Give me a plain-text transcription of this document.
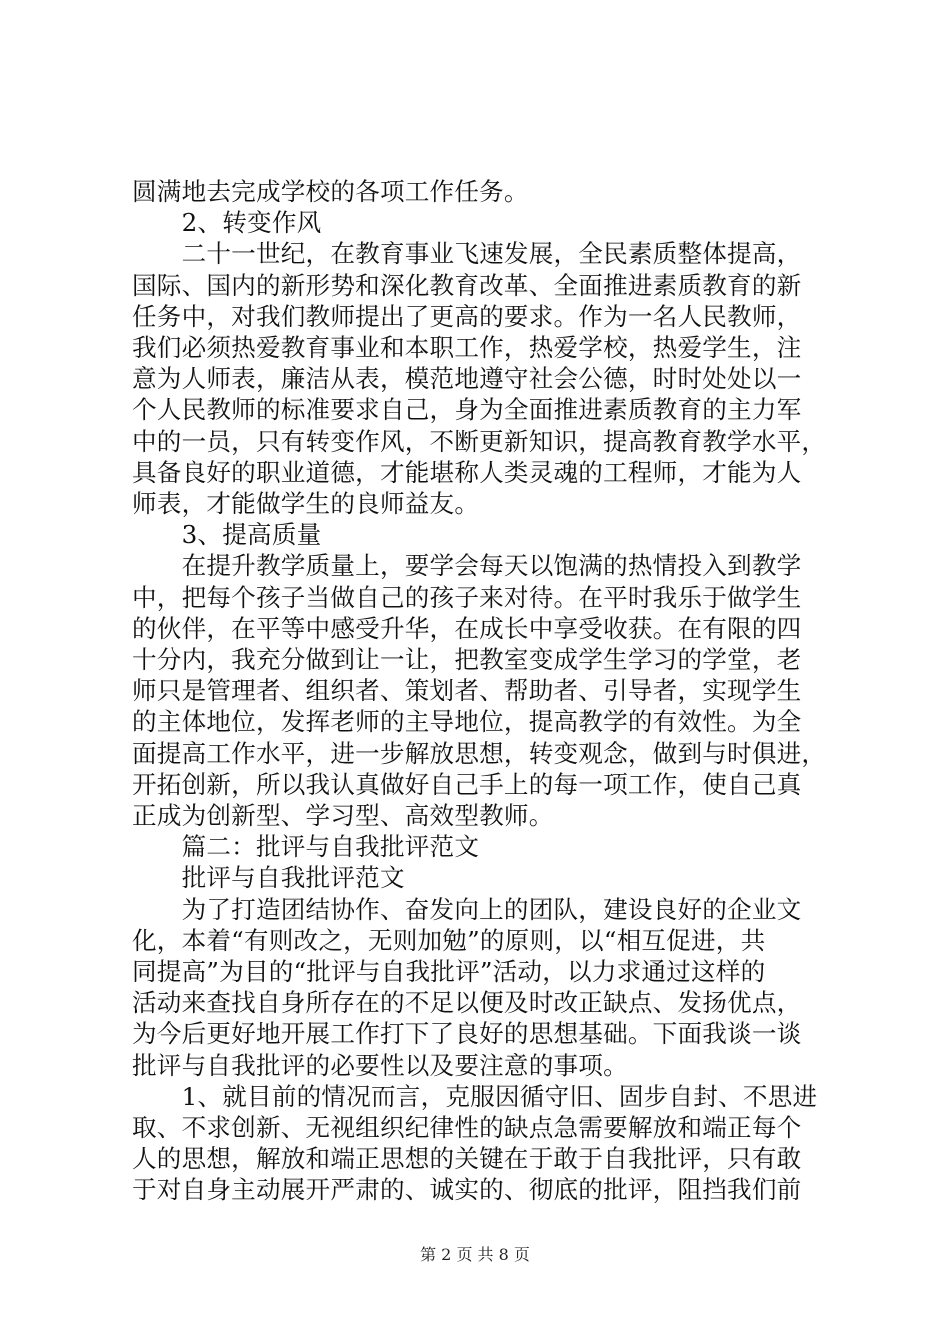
圆满地去完成学校的各项工作任务。
　　2、转变作风
　　二十一世纪，在教育事业飞速发展，全民素质整体提高，
国际、国内的新形势和深化教育改革、全面推进素质教育的新
任务中，对我们教师提出了更高的要求。作为一名人民教师，
我们必须热爱教育事业和本职工作，热爱学校，热爱学生，注
意为人师表，廉洁从表，模范地遵守社会公德，时时处处以一
个人民教师的标准要求自己，身为全面推进素质教育的主力军
中的一员，只有转变作风，不断更新知识，提高教育教学水平，
具备良好的职业道德，才能堪称人类灵魂的工程师，才能为人
师表，才能做学生的良师益友。
　　3、提高质量
　　在提升教学质量上，要学会每天以饱满的热情投入到教学
中，把每个孩子当做自己的孩子来对待。在平时我乐于做学生
的伙伴，在平等中感受升华，在成长中享受收获。在有限的四
十分内，我充分做到让一让，把教室变成学生学习的学堂，老
师只是管理者、组织者、策划者、帮助者、引导者，实现学生
的主体地位，发挥老师的主导地位，提高教学的有效性。为全
面提高工作水平，进一步解放思想，转变观念，做到与时俱进，
开拓创新，所以我认真做好自己手上的每一项工作，使自己真
正成为创新型、学习型、高效型教师。
　　篇二：批评与自我批评范文
　　批评与自我批评范文
　　为了打造团结协作、奋发向上的团队，建设良好的企业文
化，本着“有则改之，无则加勉”的原则，以“相互促进，共
同提高”为目的“批评与自我批评”活动，以力求通过这样的
活动来查找自身所存在的不足以便及时改正缺点、发扬优点，
为今后更好地开展工作打下了良好的思想基础。下面我谈一谈
批评与自我批评的必要性以及要注意的事项。
　　1、就目前的情况而言，克服因循守旧、固步自封、不思进
取、不求创新、无视组织纪律性的缺点急需要解放和端正每个
人的思想，解放和端正思想的关键在于敢于自我批评，只有敢
于对自身主动展开严肃的、诚实的、彻底的批评，阻挡我们前
第 2 页 共 8 页
